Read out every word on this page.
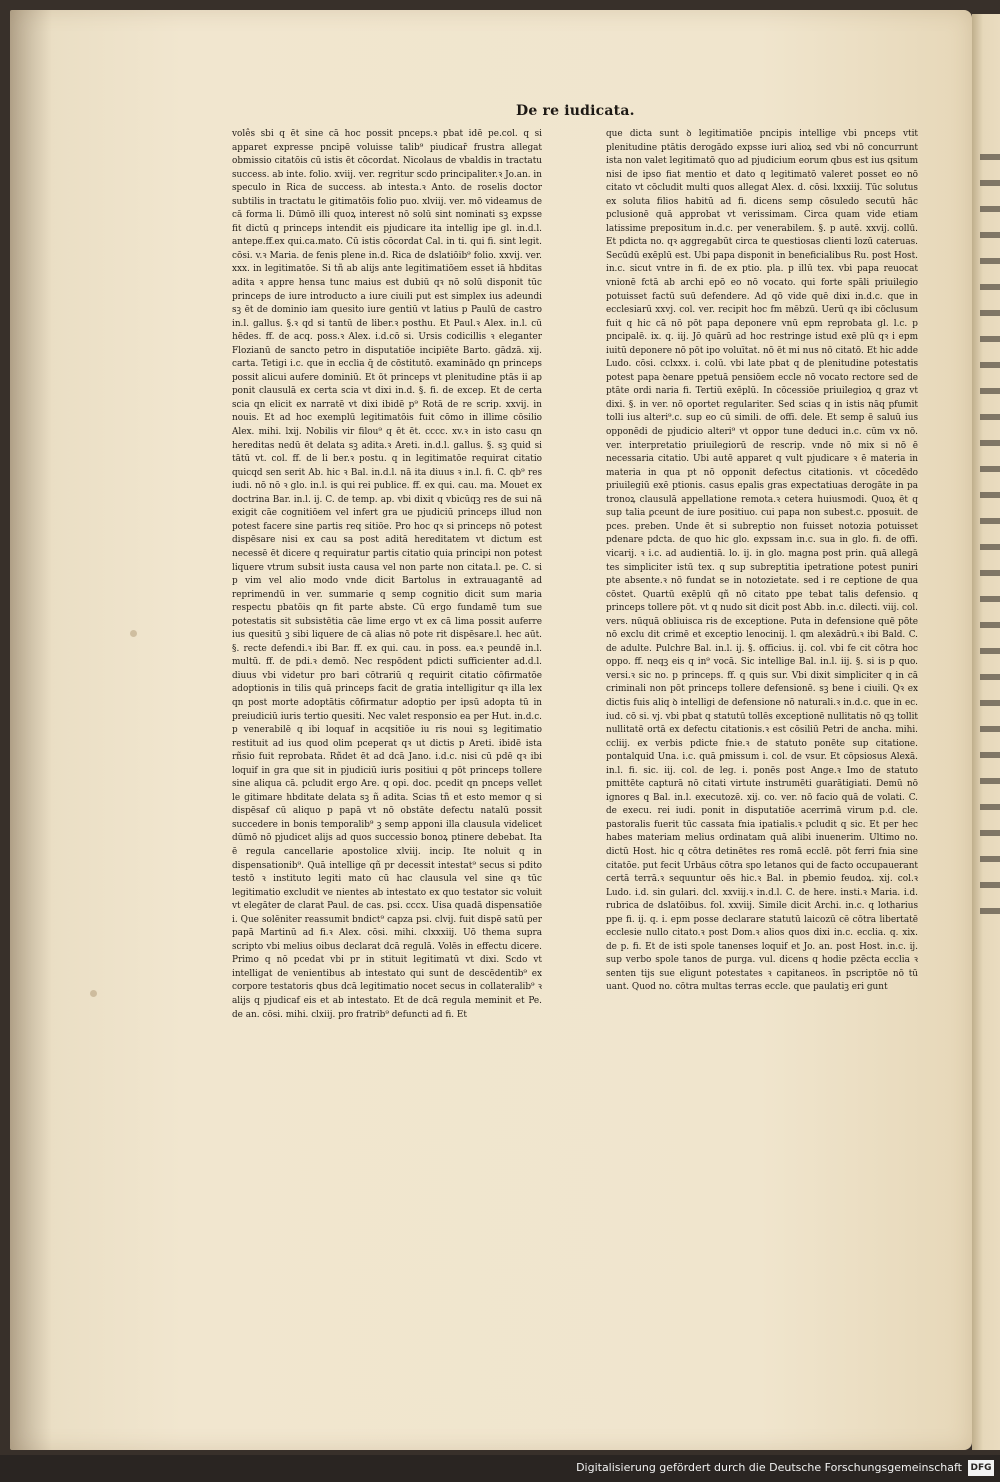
De re iudicata.

volês sbi q ēt sine cā hoc possit pnceps.ꝛ pbat idē pe.col. q si apparet expresse pncipē voluisse talib⁹ piudicar̄ frustra allegat obmissio citatōis cū istis ēt cōcordat. Nicolaus de vbaldis in tractatu success. ab inte. folio. xviij. ver. regritur scdo principaliter.ꝛ Jo.an. in speculo in Rica de success. ab intesta.ꝛ Anto. de roselis doctor subtilis in tractatu le gitimatōis folio puo. xlviij. ver. mō videamus de cā forma li. Dūmō illi quoꝝ interest nō solū sint nominati sꝫ expsse fit dictū q princeps intendit eis pjudicare ita intellig ipe gl. in.d.l. antepe.ff.ex qui.ca.mato. Cū istis cōcordat Cal. in ti. qui fi. sint legit. cōsi. v.ꝛ Maria. de fenis plene in.d. Rica de dslatiōib⁹ folio. xxvij. ver. xxx. in legitimatōe. Si tñ ab alijs ante legitimatiōem esset iā hbditas adita ꝛ appre hensa tunc maius est dubiū qꝛ nō solū disponit tūc princeps de iure introducto a iure ciuili put est simplex ius adeundi sꝫ ēt de dominio iam quesito iure gentiū vt latius p Paulū de castro in.l. gallus. §.ꝛ qd si tantū de liber.ꝛ posthu. Et Paul.ꝛ Alex. in.l. cū hēdes. ff. de acq. poss.ꝛ Alex. i.d.cō si. Ursis codicillis ꝛ eleganter Flozianū de sancto petro in disputatiōe incipiēte Barto. gādzā. xij. carta. Tetigi i.c. que in ecclia q̄ de cōstitutō. examinādo qn princeps possit alicui aufere dominiū. Et ōt princeps vt plenitudine ptās ii ap ponit clausulā ex certa scia vt dixi in.d. §. fi. de excep. Et de certa scia qn elicit ex narratē vt dixi ibidē p⁹ Rotā de re scrip. xxvij. in nouis. Et ad hoc exemplū legitimatōis fuit cōmo in illime cōsilio Alex. mihi. lxij. Nobilis vir filou⁹ q ēt ēt. cccc. xv.ꝛ in isto casu qn hereditas nedū ēt delata sꝫ adita.ꝛ Areti. in.d.l. gallus. §. sꝫ quid si tātū vt. col. ff. de li ber.ꝛ postu. q in legitimatōe requirat citatio quicqd sen serit Ab. hic ꝛ Bal. in.d.l. nā ita diuus ꝛ in.l. fi. C. qb⁹ res iudi. nō nō ꝛ glo. in.l. is qui rei publice. ff. ex qui. cau. ma. Mouet ex doctrina Bar. in.l. ij. C. de temp. ap. vbi dixit q vbicūqꝫ res de sui nā exigit cāe cognitiōem vel infert gra ue pjudiciū princeps illud non potest facere sine partis req sitiōe. Pro hoc qꝛ si princeps nō potest dispēsare nisi ex cau sa post aditā hereditatem vt dictum est necessē ēt dicere q requiratur partis citatio quia principi non potest liquere vtrum subsit iusta causa vel non parte non citata.l. pe. C. si p vim vel alio modo vnde dicit Bartolus in extrauagantē ad reprimendū in ver. summarie q semp cognitio dicit sum maria respectu pbatōis qn fit parte abste. Cū ergo fundamē tum sue potestatis sit subsistētia cāe lime ergo vt ex cā lima possit auferre ius quesitū ꝫ sibi liquere de cā alias nō pote rit dispēsare.l. hec aūt. §. recte defendi.ꝛ ibi Bar. ff. ex qui. cau. in poss. ea.ꝛ peundē in.l. multū. ff. de pdi.ꝛ demō. Nec respōdent pdicti sufficienter ad.d.l. diuus vbi videtur pro bari cōtrariū q requirit citatio cōfirmatōe adoptionis in tilis quā princeps facit de gratia intelligitur qꝛ illa lex qn post morte adoptātis cōfirmatur adoptio per ipsū adopta tū in preiudiciū iuris tertio quesiti. Nec valet responsio ea per Hut. in.d.c. p venerabilē q ibi loquaf in acqsitiōe iu ris noui sꝫ legitimatio restituit ad ius quod olim pceperat qꝛ ut dictis p Areti. ibidē ista rñsio fuit reprobata. Rñdet ēt ad dcā Jano. i.d.c. nisi cū pdē qꝛ ibi loquif in gra que sit in pjudiciū iuris positiui q pōt princeps tollere sine aliqua cā. pcludit ergo Are. q opi. doc. pcedit qn pnceps vellet le gitimare hbditate delata sꝫ ñ adita. Scias tñ et esto memor q si dispēsaf cū aliquo p papā vt nō obstāte defectu natalū possit succedere in bonis temporalib⁹ ꝫ semp apponi illa clausula videlicet dūmō nō pjudicet alijs ad quos successio bonoꝝ ptinere debebat. Ita ē regula cancellarie apostolice xlviij. incip. Ite noluit q in dispensationib⁹. Quā intellige qñ pr decessit intestat⁹ secus si pdito testō ꝛ instituto legiti mato cū hac clausula vel sine qꝛ tūc legitimatio excludit ve nientes ab intestato ex quo testator sic voluit vt elegāter de clarat Paul. de cas. psi. cccx. Uisa quadā dispensatiōe i. Que solēniter reassumit bndict⁹ capza psi. clvij. fuit dispē satū per papā Martinū ad fi.ꝛ Alex. cōsi. mihi. clxxxiij. Uō thema supra scripto vbi melius oibus declarat dcā regulā. Volēs in effectu dicere. Primo q nō pcedat vbi pr in stituit legitimatū vt dixi. Scdo vt intelligat de venientibus ab intestato qui sunt de descēdentib⁹ ex corpore testatoris qbus dcā legitimatio nocet secus in collateralib⁹ ꝛ alijs q pjudicaf eis et ab intestato. Et de dcā regula meminit et Pe. de an. cōsi. mihi. clxiij. pro fratrib⁹ defuncti ad fi. Et

que dicta sunt ꝺ legitimatiōe pncipis intellige vbi pnceps vtit plenitudine ptātis derogādo expsse iuri alioꝝ sed vbi nō concurrunt ista non valet legitimatō quo ad pjudicium eorum qbus est ius qsitum nisi de ipso fiat mentio et dato q legitimatō valeret posset eo nō citato vt cōcludit multi quos allegat Alex. d. cōsi. lxxxiij. Tūc solutus ex soluta filios habitū ad fi. dicens semp cōsuledo secutū hāc pclusionē quā approbat vt verissimam. Circa quam vide etiam latissime prepositum in.d.c. per venerabilem. §. p autē. xxvij. collū. Et pdicta no. qꝛ aggregabūt circa te questiosas clienti lozū cateruas. Secūdū exēplū est. Ubi papa disponit in beneficialibus Ru. post Host. in.c. sicut vntre in fi. de ex ptio. pla. p illū tex. vbi papa reuocat vnionē fctā ab archi epō eo nō vocato. qui forte spāli priuilegio potuisset factū suū defendere. Ad qō vide quē dixi in.d.c. que in ecclesiarū xxvj. col. ver. recipit hoc fm mēbzū. Uerū qꝛ ibi cōclusum fuit q hic cā nō pōt papa deponere vnū epm reprobata gl. l.c. p pncipalē. ix. q. iij. Jō quārū ad hoc restringe istud exē plū qꝛ i epm iuitū deponere nō pōt ipo voluītat. nō ēt mi nus nō citatō. Et hic adde Ludo. cōsi. cclxxx. i. colū. vbi late pbat q de plenitudine potestatis potest papa ꝺenare ppetuā pensiōem eccle nō vocato rectore sed de ptāte ordi naria fi. Tertiū exēplū. In cōcessiōe priuilegioꝝ q graz vt dixi. §. in ver. nō oportet regulariter. Sed scias q in istis nāq pfumit tolli ius alteri⁹.c. sup eo cū simili. de offi. dele. Et semp ē saluū ius opponēdi de pjudicio alteri⁹ vt oppor tune deduci in.c. cūm vx nō. ver. interpretatio priuilegiorū de rescrip. vnde nō mix si nō ē necessaria citatio. Ubi autē apparet q vult pjudicare ꝛ ē materia in materia in qua pt nō opponit defectus citationis. vt cōcedēdo priuilegiū exē ptionis. casus epalis gras expectatiuas derogāte in pa tronoꝝ clausulā appellatione remota.ꝛ cetera huiusmodi. Quoꝝ ēt q sup talia ꝑceunt de iure positiuo. cui papa non subest.c. pposuit. de pces. preben. Unde ēt si subreptio non fuisset notozia potuisset pdenare pdcta. de quo hic glo. expssam in.c. sua in glo. fi. de offi. vicarij. ꝛ i.c. ad audientiā. lo. ij. in glo. magna post prin. quā allegā tes simpliciter istū tex. q sup subreptitia ipetratione potest puniri pte absente.ꝛ nō fundat se in notozietate. sed i re ceptione de qua cōstet. Quartū exēplū qñ nō citato ppe tebat talis defensio. q princeps tollere pōt. vt q nudo sit dicit post Abb. in.c. dilecti. viij. col. vers. nūquā obliuisca ris de exceptione. Puta in defensione quē pōte nō exclu dit crimē et exceptio lenocinij. l. qm alexādrū.ꝛ ibi Bald. C. de adulte. Pulchre Bal. in.l. ij. §. officius. ij. col. vbi fe cit cōtra hoc oppo. ff. neqꝫ eis q in⁹ vocā. Sic intellige Bal. in.l. iij. §. si is p quo. versi.ꝛ sic no. p princeps. ff. q quis sur. Vbi dixit simpliciter q in cā criminali non pōt princeps tollere defensionē. sꝫ bene i ciuili. Qꝛ ex dictis fuis aliq ꝺ intelligi de defensione nō naturali.ꝛ in.d.c. que in ec. iud. cō si. vj. vbi pbat q statutū tollēs exceptionē nullitatis nō qꝫ tollit nullitatē ortā ex defectu citationis.ꝛ est cōsiliū Petri de ancha. mihi. ccliij. ex verbis pdicte fnie.ꝛ de statuto ponēte sup citatione. pontalquid Una. i.c. quā ꝑmissum i. col. de vsur. Et cōpsiosus Alexā. in.l. fi. sic. iij. col. de leg. i. ponēs post Ange.ꝛ Imo de statuto pmittēte capturā nō citati virtute instrumēti guarātigiati. Demū nō ignores q Bal. in.l. executozē. xij. co. ver. nō facio quā de volati. C. de execu. rei iudi. ponit in disputatiōe acerrimā virum p.d. cle. pastoralis fuerit tūc cassata fnia ipatialis.ꝛ pcludit q sic. Et per hec habes materiam melius ordinatam quā alibi inuenerim. Ultimo no. dictū Host. hic q cōtra detinētes res romā ecclē. pōt ferri fnia sine citatōe. put fecit Urbāus cōtra spo letanos qui de facto occupauerant certā terrā.ꝛ sequuntur oēs hic.ꝛ Bal. in pbemio feudoꝝ. xij. col.ꝛ Ludo. i.d. sin gulari. dcl. xxviij.ꝛ in.d.l. C. de here. insti.ꝛ Maria. i.d. rubrica de dslatōibus. fol. xxviij. Simile dicit Archi. in.c. q lotharius ppe fi. ij. q. i. epm posse declarare statutū laicozū cē cōtra libertatē ecclesie nullo citato.ꝛ post Dom.ꝛ alios quos dixi in.c. ecclia. q. xix. de p. fi. Et de isti spole tanenses loquif et Jo. an. post Host. in.c. ij. sup verbo spole tanos de purga. vul. dicens q hodie pzēcta ecclia ꝛ senten tijs sue eligunt potestates ꝛ capitaneos. īn pscriptōe nō tū uant. Quod no. cōtra multas terras eccle. que paulatiꝫ eri gunt

Digitalisierung gefördert durch die Deutsche Forschungsgemeinschaft DFG
